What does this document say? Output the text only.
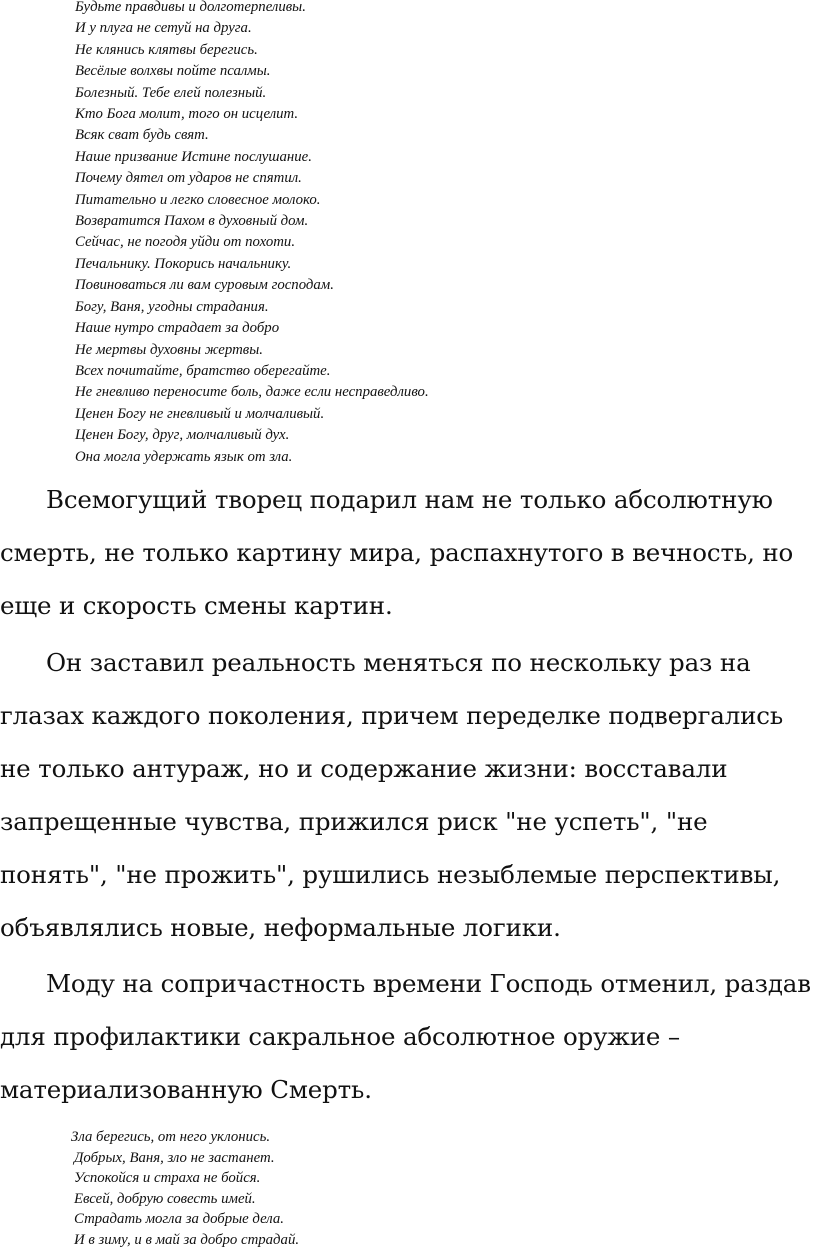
Будьте правдивы и долготерпеливы.
И у плуга не сетуй на друга.
Не клянись клятвы берегись.
Весёлые волхвы пойте псалмы.
Болезный. Тебе елей полезный.
Кто Бога молит, того он исцелит.
Всяк сват будь свят.
Наше призвание Истине послушание.
Почему дятел от ударов не спятил.
Питательно и легко словесное молоко.
Возвратится Пахом в духовный дом.
Сейчас, не погодя уйди от похоти.
Печальнику. Покорись начальнику.
Повиноваться ли вам суровым господам.
Богу, Ваня, угодны страдания.
Наше нутро страдает за добро
Не мертвы духовны жертвы.
Всех почитайте, братство оберегайте.
Не гневливо переносите боль, даже если несправедливо.
Ценен Богу не гневливый и молчаливый.
Ценен Богу, друг, молчаливый дух.
Она могла удержать язык от зла.

Всемогущий творец подарил нам не только абсолютную смерть, не только картину мира, распахнутого в вечность, но еще и скорость смены картин.

Он заставил реальность меняться по нескольку раз на глазах каждого поколения, причем переделке подвергались не только антураж, но и содержание жизни: восставали запрещенные чувства, прижился риск "не успеть", "не понять", "не прожить", рушились незыблемые перспективы, объявлялись новые, неформальные логики.

Моду на сопричастность времени Господь отменил, раздав для профилактики сакральное абсолютное оружие – материализованную Смерть.

Зла берегись, от него уклонись.
Добрых, Ваня, зло не застанет.
Успокойся и страха не бойся.
Евсей, добрую совесть имей.
Страдать могла за добрые дела.
И в зиму, и в май за добро страдай.
